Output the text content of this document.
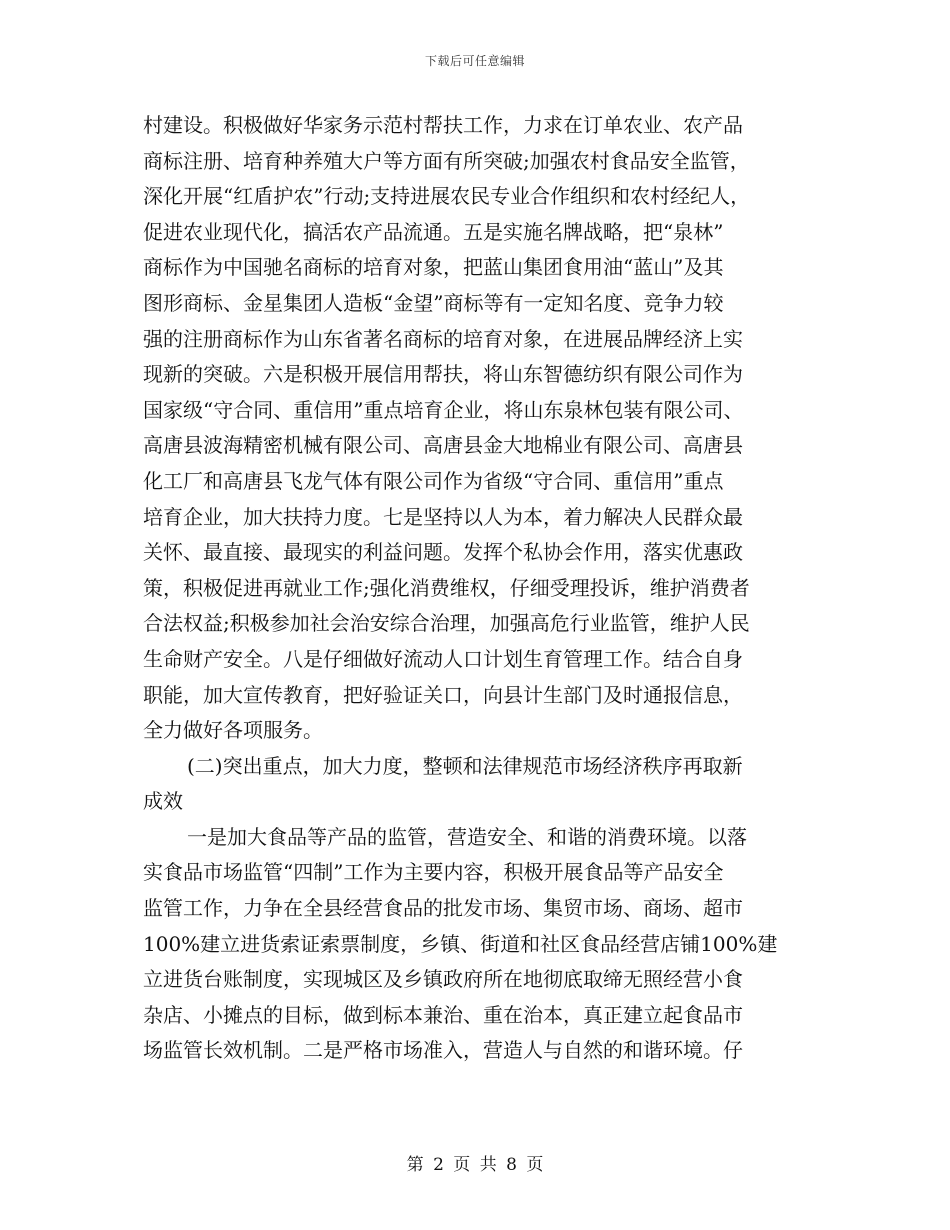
下载后可任意编辑
村建设。积极做好华家务示范村帮扶工作，力求在订单农业、农产品
商标注册、培育种养殖大户等方面有所突破;加强农村食品安全监管，
深化开展“红盾护农”行动;支持进展农民专业合作组织和农村经纪人，
促进农业现代化，搞活农产品流通。五是实施名牌战略，把“泉林”
商标作为中国驰名商标的培育对象，把蓝山集团食用油“蓝山”及其
图形商标、金星集团人造板“金望”商标等有一定知名度、竞争力较
强的注册商标作为山东省著名商标的培育对象，在进展品牌经济上实
现新的突破。六是积极开展信用帮扶，将山东智德纺织有限公司作为
国家级“守合同、重信用”重点培育企业，将山东泉林包装有限公司、
高唐县波海精密机械有限公司、高唐县金大地棉业有限公司、高唐县
化工厂和高唐县飞龙气体有限公司作为省级“守合同、重信用”重点
培育企业，加大扶持力度。七是坚持以人为本，着力解决人民群众最
关怀、最直接、最现实的利益问题。发挥个私协会作用，落实优惠政
策，积极促进再就业工作;强化消费维权，仔细受理投诉，维护消费者
合法权益;积极参加社会治安综合治理，加强高危行业监管，维护人民
生命财产安全。八是仔细做好流动人口计划生育管理工作。结合自身
职能，加大宣传教育，把好验证关口，向县计生部门及时通报信息，
全力做好各项服务。
(二)突出重点，加大力度，整顿和法律规范市场经济秩序再取新
成效
一是加大食品等产品的监管，营造安全、和谐的消费环境。以落
实食品市场监管“四制”工作为主要内容，积极开展食品等产品安全
监管工作，力争在全县经营食品的批发市场、集贸市场、商场、超市
100%建立进货索证索票制度，乡镇、街道和社区食品经营店铺100%建
立进货台账制度，实现城区及乡镇政府所在地彻底取缔无照经营小食
杂店、小摊点的目标，做到标本兼治、重在治本，真正建立起食品市
场监管长效机制。二是严格市场准入，营造人与自然的和谐环境。仔
第 2 页 共 8 页
